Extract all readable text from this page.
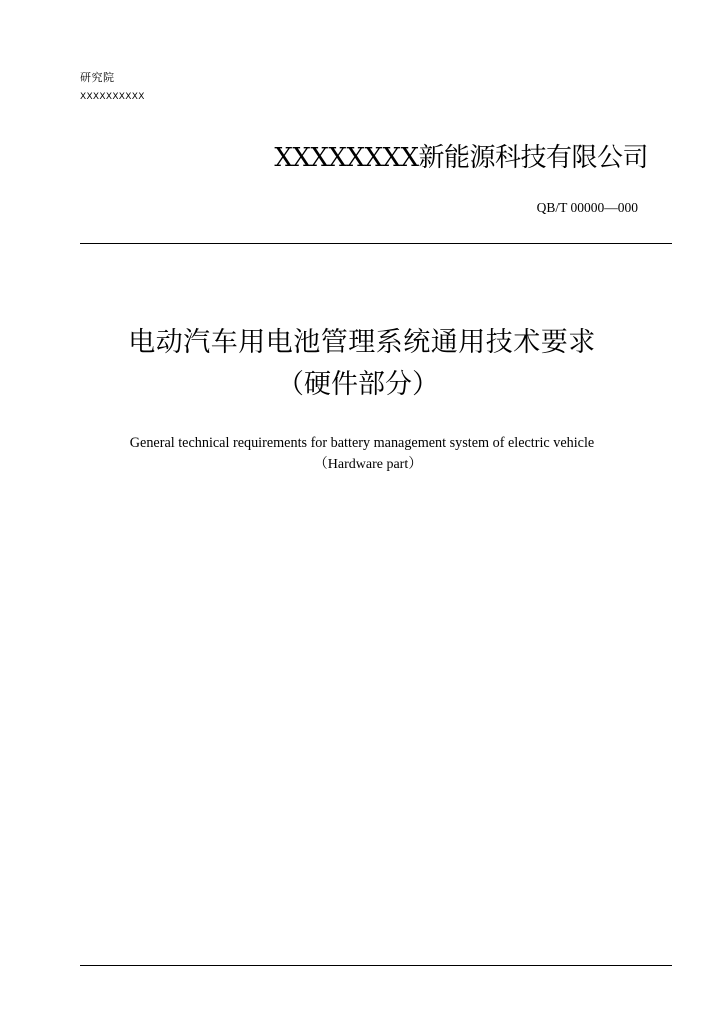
研究院
XXXXXXXXXX
XXXXXXXX新能源科技有限公司
QB/T 00000—000
电动汽车用电池管理系统通用技术要求
（硬件部分）
General technical requirements for battery management system of electric vehicle
（Hardware part）
